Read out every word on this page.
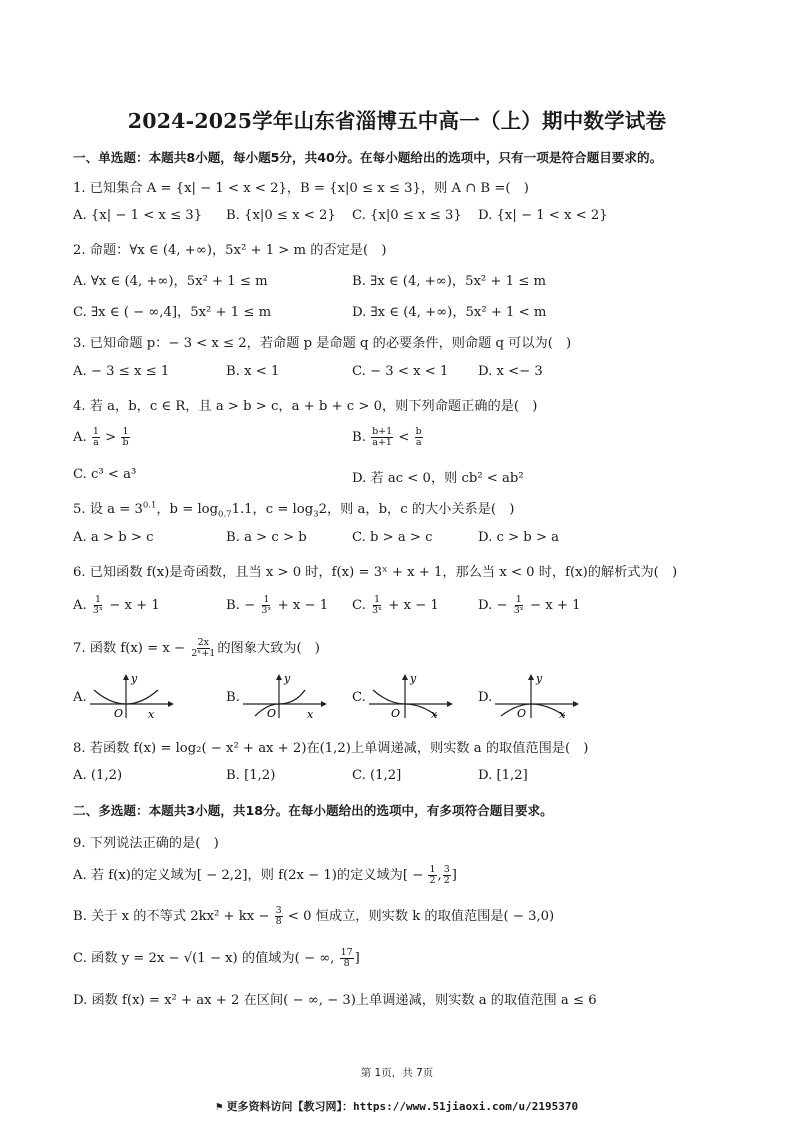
2024-2025学年山东省淄博五中高一（上）期中数学试卷
一、单选题：本题共8小题，每小题5分，共40分。在每小题给出的选项中，只有一项是符合题目要求的。
1. 已知集合 A = {x| − 1 < x < 2}，B = {x|0 ≤ x ≤ 3}，则 A ∩ B =(　)
A. {x| − 1 < x ≤ 3} B. {x|0 ≤ x < 2} C. {x|0 ≤ x ≤ 3} D. {x| − 1 < x < 2}
2. 命题：∀x ∈ (4, +∞)，5x² + 1 > m 的否定是(　)
A. ∀x ∈ (4, +∞)，5x² + 1 ≤ m	B. ∃x ∈ (4, +∞)，5x² + 1 ≤ m
C. ∃x ∈ ( − ∞,4]，5x² + 1 ≤ m	D. ∃x ∈ (4, +∞)，5x² + 1 < m
3. 已知命题 p：− 3 < x ≤ 2，若命题 p 是命题 q 的必要条件，则命题 q 可以为(　)
A. − 3 ≤ x ≤ 1	B. x < 1	C. − 3 < x < 1 D. x <− 3
4. 若 a，b，c ∈ R，且 a > b > c，a + b + c > 0，则下列命题正确的是(　)
A. $\frac{1}{a} > \frac{1}{b}$	B. $\frac{b+1}{a+1} < \frac{b}{a}$
C. c³ < a³	D. 若 ac < 0，则 cb² < ab²
5. 设 $a = 3^{0.1}$，$b = \log_{0.7}1.1$，$c = \log_32$，则 a，b，c 的大小关系是(　)
A. a > b > c	B. a > c > b	C. b > a > c	D. c > b > a
6. 已知函数 f(x)是奇函数，且当 x > 0 时，f(x) = 3ˣ + x + 1，那么当 x < 0 时，f(x)的解析式为(　)
A. $\frac{1}{\text{3ˣ}} - x + 1$	B. − $\frac{1}{\text{3ˣ}} + x - 1$ C. $\frac{1}{\text{3ˣ}} + x - 1$	D. − $\frac{1}{\text{3ˣ}} - x + 1$
7. 函数 $f(x) = x - \frac{2x}{\text{2ˣ+1}}$ 的图象大致为(　)
A.
y
x
O
B.
y
x
O
C.
y
x
O
D.
y
x
O
8. 若函数 f(x) = log₂( − x² + ax + 2)在(1,2)上单调递减，则实数 a 的取值范围是(　)
A. (1,2)	B. [1,2)	C. (1,2]	D. [1,2]
二、多选题：本题共3小题，共18分。在每小题给出的选项中，有多项符合题目要求。
9. 下列说法正确的是(　)
A. 若 f(x)的定义域为[ − 2,2]，则 f(2x − 1)的定义域为[ − $\frac{1}{2}$ , $\frac{3}{2}$ ]
B. 关于 x 的不等式 2kx² + kx − $\frac{3}{8} < 0$ 恒成立，则实数 k 的取值范围是( − 3,0)
C. 函数 y = 2x − √(1 − x) 的值域为( − ∞, $\frac{17}{8}$ ]
D. 函数 f(x) = x² + ax + 2 在区间( − ∞, − 3)上单调递减，则实数 a 的取值范围 a ≤ 6
第 1页，共 7页
⚑ 更多资料访问【教习网】：https://www.51jiaoxi.com/u/2195370
